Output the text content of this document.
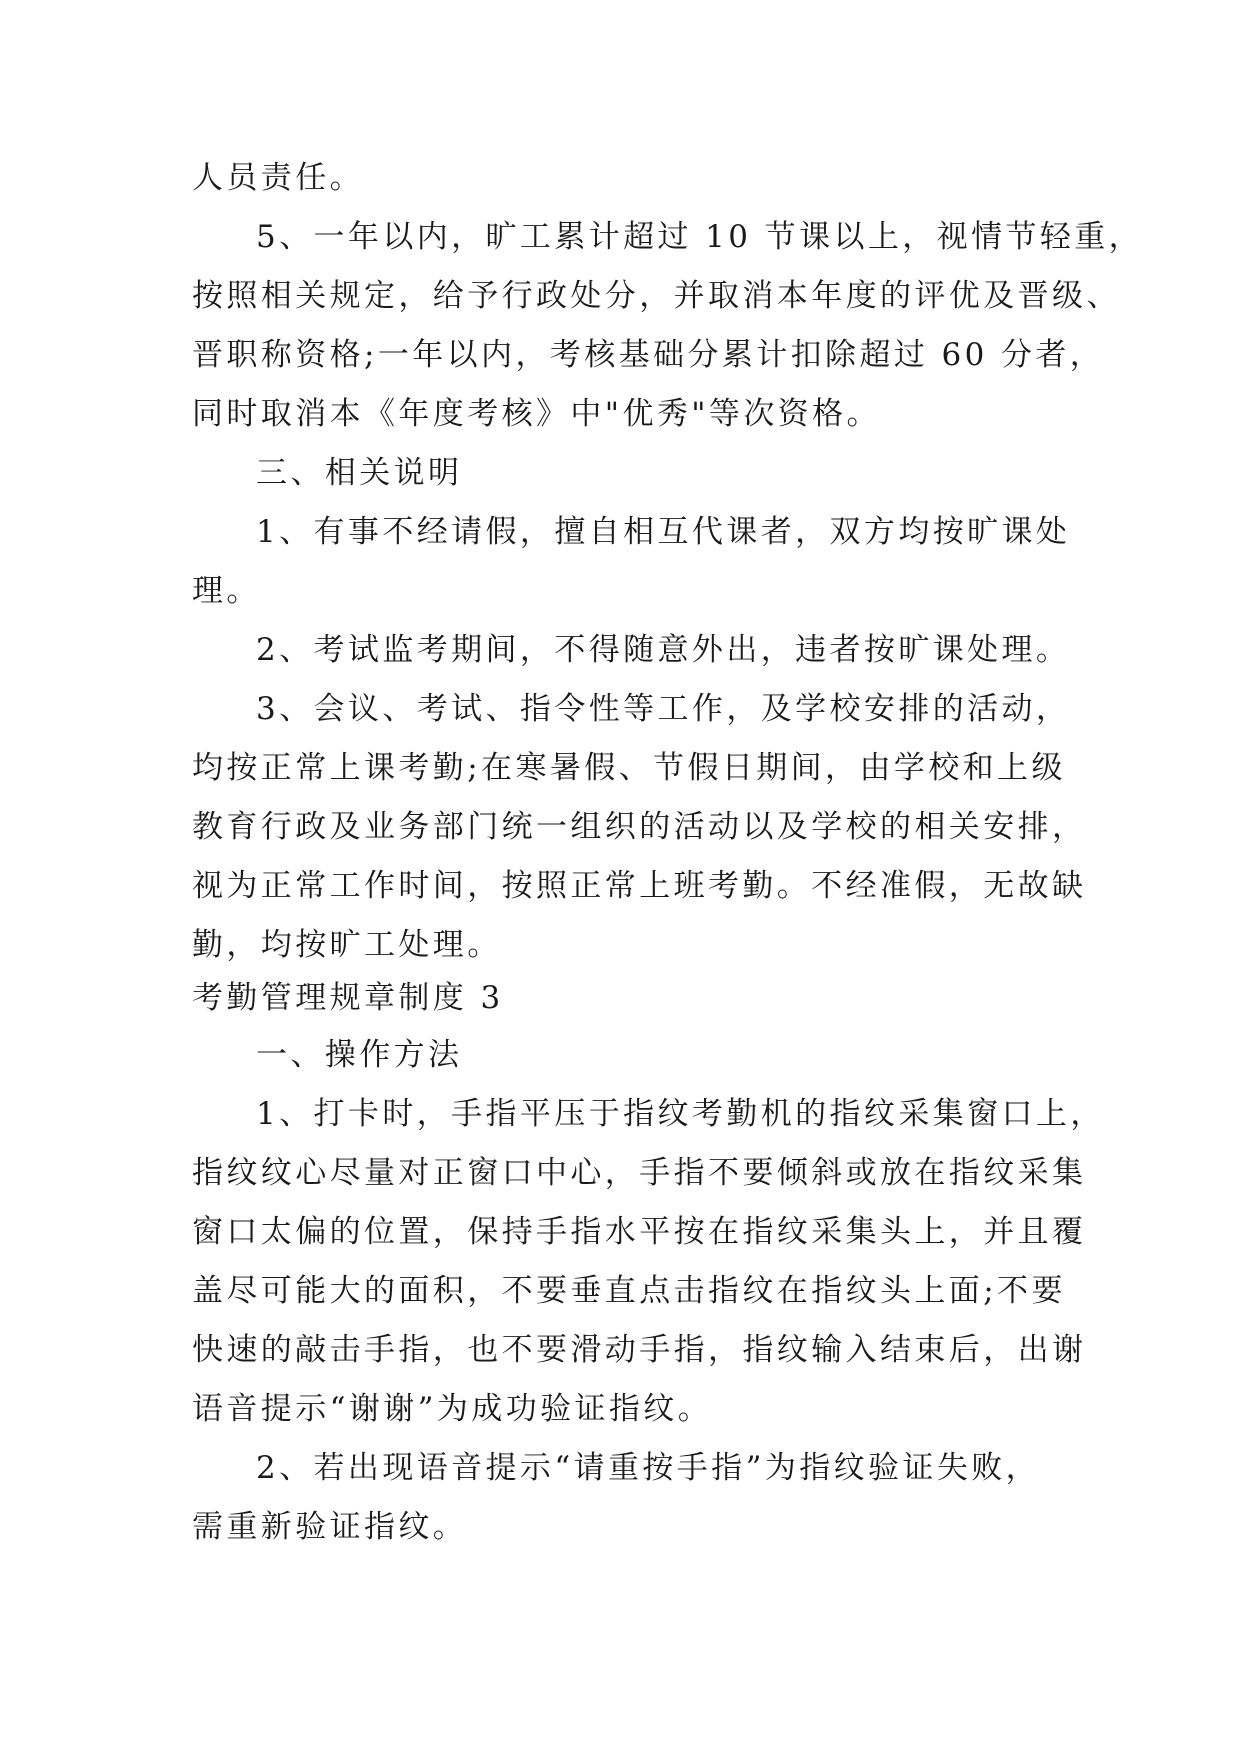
人员责任。
5、一年以内，旷工累计超过 10 节课以上，视情节轻重，
按照相关规定，给予行政处分，并取消本年度的评优及晋级、
晋职称资格;一年以内，考核基础分累计扣除超过 60 分者，
同时取消本《年度考核》中"优秀"等次资格。
三、相关说明
1、有事不经请假，擅自相互代课者，双方均按旷课处
理。
2、考试监考期间，不得随意外出，违者按旷课处理。
3、会议、考试、指令性等工作，及学校安排的活动，
均按正常上课考勤;在寒暑假、节假日期间，由学校和上级
教育行政及业务部门统一组织的活动以及学校的相关安排，
视为正常工作时间，按照正常上班考勤。不经准假，无故缺
勤，均按旷工处理。
考勤管理规章制度 3
一、操作方法
1、打卡时，手指平压于指纹考勤机的指纹采集窗口上，
指纹纹心尽量对正窗口中心，手指不要倾斜或放在指纹采集
窗口太偏的位置，保持手指水平按在指纹采集头上，并且覆
盖尽可能大的面积，不要垂直点击指纹在指纹头上面;不要
快速的敲击手指，也不要滑动手指，指纹输入结束后，出谢
语音提示“谢谢”为成功验证指纹。
2、若出现语音提示“请重按手指”为指纹验证失败，
需重新验证指纹。
